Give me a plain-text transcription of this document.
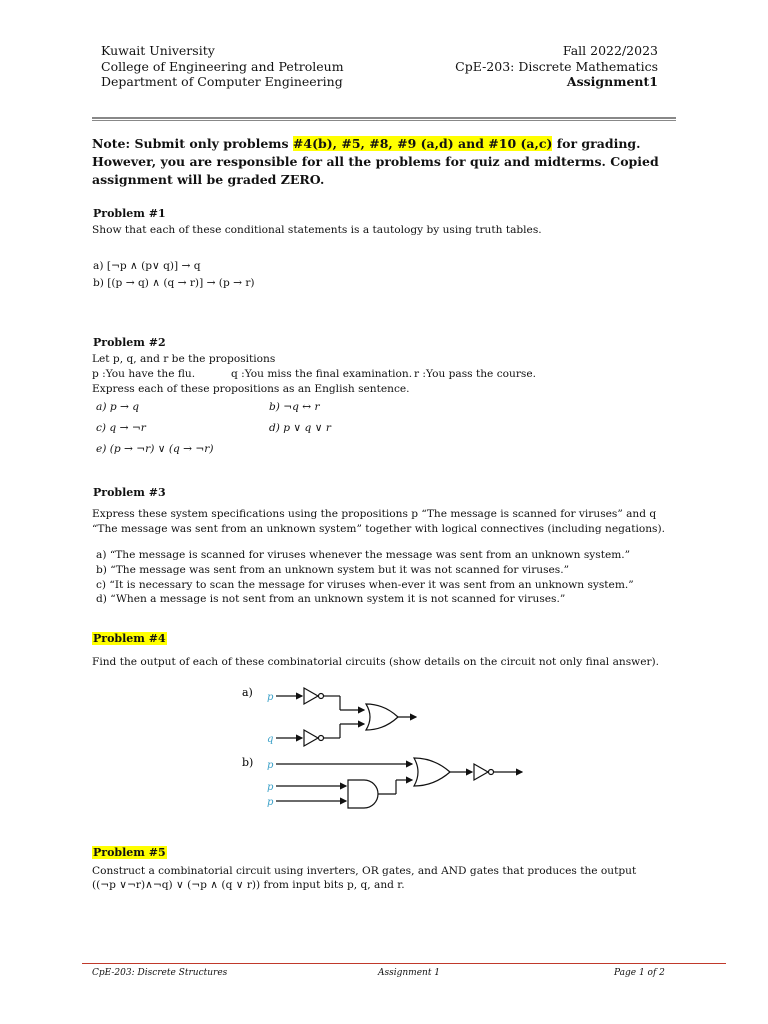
Kuwait University
College of Engineering and Petroleum
Department of Computer Engineering
Fall 2022/2023
CpE-203: Discrete Mathematics
Assignment1
Note: Submit only problems #4(b), #5, #8, #9 (a,d) and #10 (a,c) for grading. However, you are responsible for all the problems for quiz and midterms. Copied assignment will be graded ZERO.
Problem #1
Show that each of these conditional statements is a tautology by using truth tables.
a) [¬p ∧ (p∨ q)] → q
b) [(p → q) ∧ (q → r)] → (p → r)
Problem #2
Let p, q, and r be the propositions
p :You have the flu.	q :You miss the final examination. r :You pass the course.
Express each of these propositions as an English sentence.
a) p → q	b) ¬q ↔ r
c) q → ¬r	d) p ∨ q ∨ r
e) (p → ¬r) ∨ (q → ¬r)
Problem #3
Express these system specifications using the propositions p “The message is scanned for viruses” and q “The message was sent from an unknown system” together with logical connectives (including negations).
a) “The message is scanned for viruses whenever the message was sent from an unknown system.”
b) “The message was sent from an unknown system but it was not scanned for viruses.”
c) “It is necessary to scan the message for viruses when-ever it was sent from an unknown system.”
d) “When a message is not sent from an unknown system it is not scanned for viruses.”
Problem #4
Find the output of each of these combinatorial circuits (show details on the circuit not only final answer).
a) p
q
b) p
p
p
Problem #5
Construct a combinatorial circuit using inverters, OR gates, and AND gates that produces the output
((¬p ∨¬r)∧¬q) ∨ (¬p ∧ (q ∨ r)) from input bits p, q, and r.
CpE-203: Discrete Structures	Assignment 1	Page 1 of 2
